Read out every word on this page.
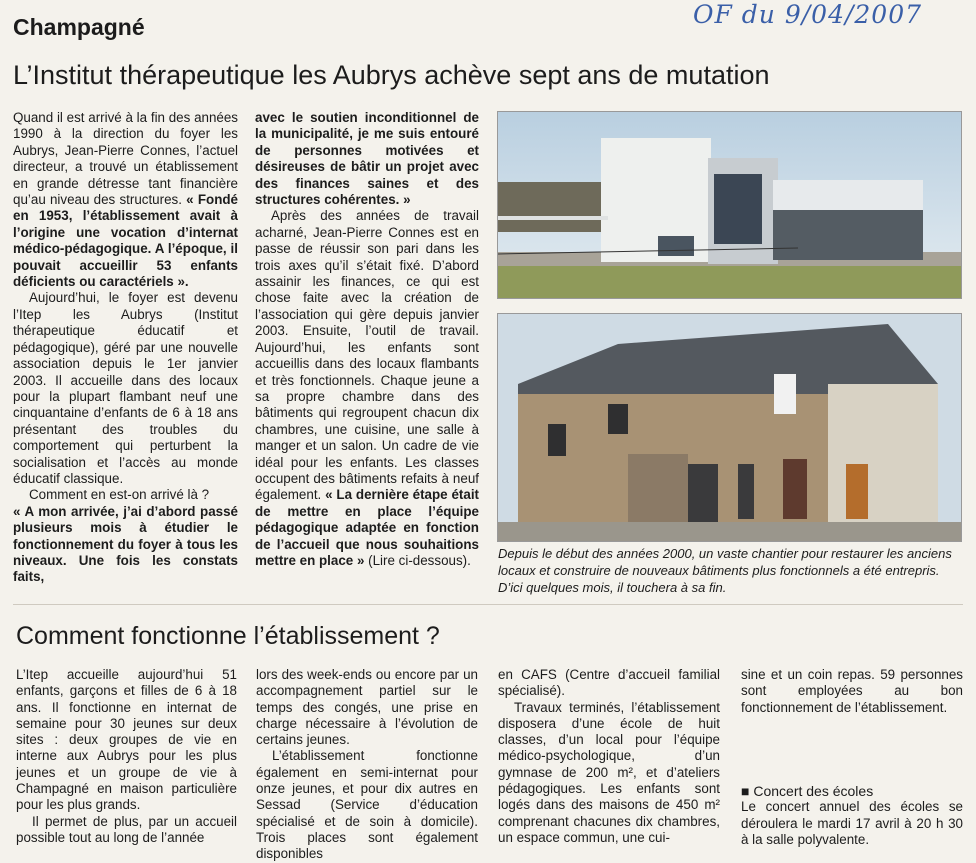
Champagné	OF du 9/04/2007
L’Institut thérapeutique les Aubrys achève sept ans de mutation

Quand il est arrivé à la fin des années 1990 à la direction du foyer les Aubrys, Jean-Pierre Connes, l’actuel directeur, a trouvé un établissement en grande détresse tant financière qu’au niveau des structures. « Fondé en 1953, l’établissement avait à l’origine une vocation d’internat médico-pédagogique. A l’époque, il pouvait accueillir 53 enfants déficients ou caractériels ».

Aujourd’hui, le foyer est devenu l’Itep les Aubrys (Institut thérapeutique éducatif et pédagogique), géré par une nouvelle association depuis le 1er janvier 2003. Il accueille dans des locaux pour la plupart flambant neuf une cinquantaine d’enfants de 6 à 18 ans présentant des troubles du comportement qui perturbent la socialisation et l’accès au monde éducatif classique.

Comment en est-on arrivé là ?

« A mon arrivée, j’ai d’abord passé plusieurs mois à étudier le fonctionnement du foyer à tous les niveaux. Une fois les constats faits,

avec le soutien inconditionnel de la municipalité, je me suis entouré de personnes motivées et désireuses de bâtir un projet avec des finances saines et des structures cohérentes. »

Après des années de travail acharné, Jean-Pierre Connes est en passe de réussir son pari dans les trois axes qu’il s’était fixé. D’abord assainir les finances, ce qui est chose faite avec la création de l’association qui gère depuis janvier 2003. Ensuite, l’outil de travail. Aujourd’hui, les enfants sont accueillis dans des locaux flambants et très fonctionnels. Chaque jeune a sa propre chambre dans des bâtiments qui regroupent chacun dix chambres, une cuisine, une salle à manger et un salon. Un cadre de vie idéal pour les enfants. Les classes occupent des bâtiments refaits à neuf également. « La dernière étape était de mettre en place l’équipe pédagogique adaptée en fonction de l’accueil que nous souhaitions mettre en place » (Lire ci-dessous).	Depuis le début des années 2000, un vaste chantier pour restaurer les anciens locaux et construire de nouveaux bâtiments plus fonctionnels a été entrepris. D’ici quelques mois, il touchera à sa fin.
Comment fonctionne l’établissement ?

L’Itep accueille aujourd’hui 51 enfants, garçons et filles de 6 à 18 ans. Il fonctionne en internat de semaine pour 30 jeunes sur deux sites : deux groupes de vie en interne aux Aubrys pour les plus jeunes et un groupe de vie à Champagné en maison particulière pour les plus grands.

Il permet de plus, par un accueil possible tout au long de l’année

lors des week-ends ou encore par un accompagnement partiel sur le temps des congés, une prise en charge nécessaire à l’évolution de certains jeunes.

L’établissement fonctionne également en semi-internat pour onze jeunes, et pour dix autres en Sessad (Service d’éducation spécialisé et de soin à domicile). Trois places sont également disponibles

en CAFS (Centre d’accueil familial spécialisé).

Travaux terminés, l’établissement disposera d’une école de huit classes, d’un local pour l’équipe médico-psychologique, d’un gymnase de 200 m², et d’ateliers pédagogiques. Les enfants sont logés dans des maisons de 450 m² comprenant chacunes dix chambres, un espace commun, une cui-

sine et un coin repas. 59 personnes sont employées au bon fonctionnement de l’établissement.

■ Concert des écoles

Le concert annuel des écoles se déroulera le mardi 17 avril à 20 h 30 à la salle polyvalente.
